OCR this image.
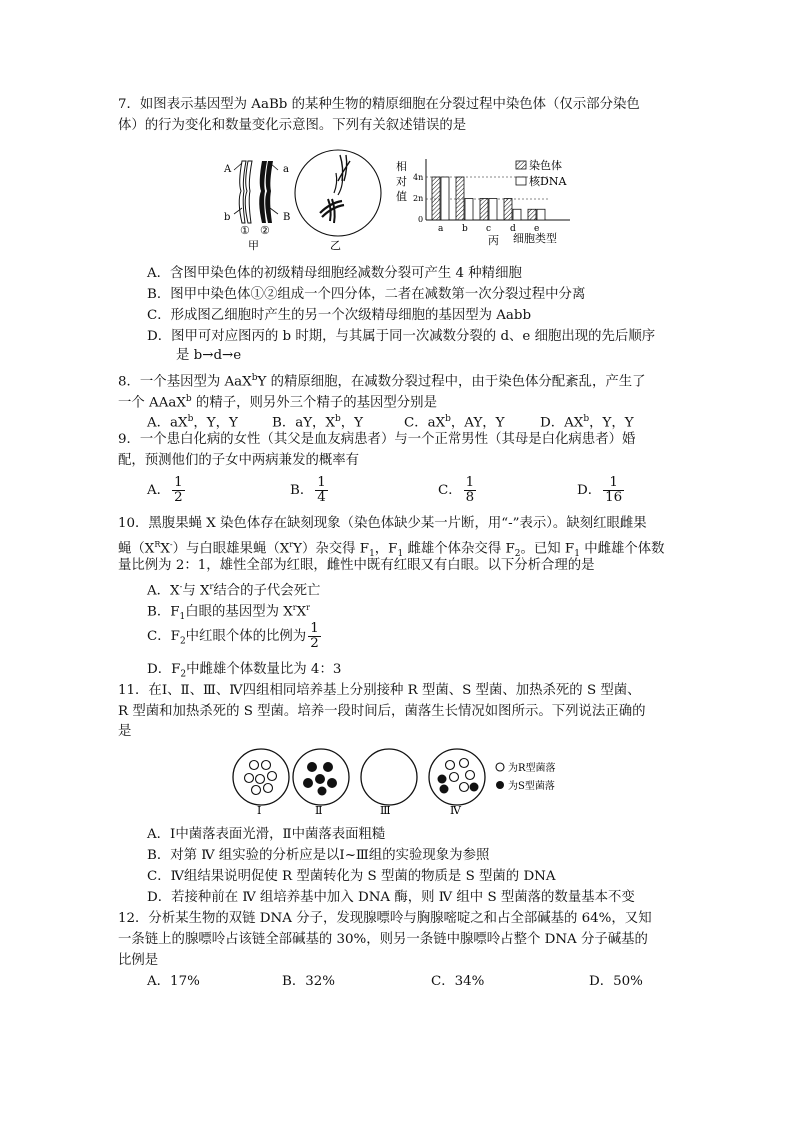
7．如图表示基因型为 AaBb 的某种生物的精原细胞在分裂过程中染色体（仅示部分染色
体）的行为变化和数量变化示意图。下列有关叙述错误的是
A	a
b	B
① ②
甲	乙
相
对
值
4n
2n
0
a b c d e
丙 细胞类型
染色体
核DNA
A．含图甲染色体的初级精母细胞经减数分裂可产生 4 种精细胞
B．图甲中染色体①②组成一个四分体，二者在减数第一次分裂过程中分离
C．形成图乙细胞时产生的另一个次级精母细胞的基因型为 Aabb
D．图甲可对应图丙的 b 时期，与其属于同一次减数分裂的 d、e 细胞出现的先后顺序
是 b→d→e
8．一个基因型为 AaX$^b$Y 的精原细胞，在减数分裂过程中，由于染色体分配紊乱，产生了
一个 AAaX$^b$ 的精子，则另外三个精子的基因型分别是
A．$aX^b$，Y，Y	B．aY，$X^b$，Y	C．$aX^b$，AY，Y	D．$AX^b$，Y，Y
9．一个患白化病的女性（其父是血友病患者）与一个正常男性（其母是白化病患者）婚
配，预测他们的子女中两病兼发的概率有
A． $\frac{1}{2}$	B． $\frac{1}{4}$	C． $\frac{1}{8}$	D． $\frac{1}{16}$
10．黑腹果蝇 X 染色体存在缺刻现象（染色体缺少某一片断，用“-”表示）。缺刻红眼雌果
蝇$(X^RX^-)$与白眼雄果蝇$(X^rY)$杂交得 $F_1$，$F_1$ 雌雄个体杂交得 $F_2$。已知 $F_1$ 中雌雄个体数
量比例为 2：1，雄性全部为红眼，雌性中既有红眼又有白眼。以下分析合理的是
A．X-与 $X^r$结合的子代会死亡
B．$F_1$白眼的基因型为 $X^rX^r$
C．$F_2$中红眼个体的比例为 $\frac{1}{2}$
D．$F_2$中雌雄个体数量比为 4：3
11．在Ⅰ、Ⅱ、Ⅲ、Ⅳ四组相同培养基上分别接种 R 型菌、S 型菌、加热杀死的 S 型菌、
R 型菌和加热杀死的 S 型菌。培养一段时间后，菌落生长情况如图所示。下列说法正确的
是
Ⅰ	Ⅱ	Ⅲ	Ⅳ
为R型菌落
为S型菌落
A．Ⅰ中菌落表面光滑，Ⅱ中菌落表面粗糙
B．对第 Ⅳ 组实验的分析应是以Ⅰ~Ⅲ组的实验现象为参照
C．Ⅳ组结果说明促使 R 型菌转化为 S 型菌的物质是 S 型菌的 DNA
D．若接种前在 Ⅳ 组培养基中加入 DNA 酶，则 Ⅳ 组中 S 型菌落的数量基本不变
12．分析某生物的双链 DNA 分子，发现腺嘌呤与胸腺嘧啶之和占全部碱基的 64%，又知
一条链上的腺嘌呤占该链全部碱基的 30%，则另一条链中腺嘌呤占整个 DNA 分子碱基的
比例是
A．17%	B．32%	C．34%	D．50%
